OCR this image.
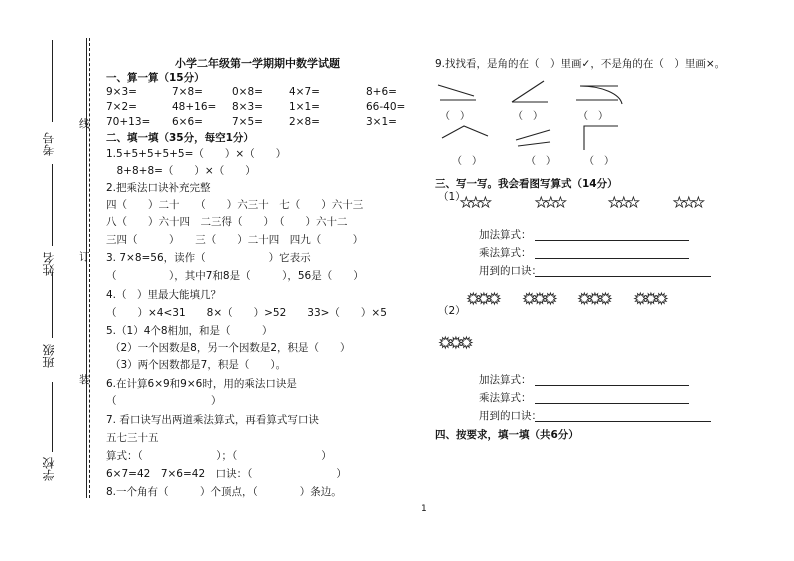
考号
姓名
班级
学校
线
订
装
小学二年级第一学期期中数学试题
一、算一算（15分）
9×3=	7×8=	0×8= 4×7=	8+6=
7×2=	48+16= 8×3= 1×1=	66-40=
70+13= 6×6=	7×5= 2×8=	3×1=
二、填一填（35分，每空1分）
1.5+5+5+5+5=（　　）×（　　）
　8+8+8=（　　）×（　　）
2.把乘法口诀补充完整
四（　　）二十　　（　　）六三十　七（　　）六十三
八（　　）六十四　二三得（　　）　（　　）六十二
三四（　　　）　　三（　　）二十四　四九（　　　）
3. 7×8=56，读作（　　　　　　）它表示
（　　　　　），其中7和8是（　　　），56是（　　）
4.（　）里最大能填几？
（　　）×4<31　　8×（　　）>52　　33>（　　）×5
5.（1）4个8相加，和是（　　　）
（2）一个因数是8，另一个因数是2，积是（　　）
（3）两个因数都是7，积是（　　）。
6.在计算6×9和9×6时，用的乘法口诀是
（　　　　　　　　　）
7. 看口诀写出两道乘法算式，再看算式写口诀
五七三十五
算式：（　　　　　　　）；（　　　　　　　　）
6×7=42　7×6=42　口诀：（　　　　　　　　）
8.一个角有（　　　）个顶点，（　　　　）条边。
9.找找看，是角的在（　）里画✓，不是角的在（　）里画×。
（　）	（　）	（　）
（　）	（　）	（　）
三、写一写。我会看图写算式（14分）
（1）
★★★	★★★	★★★	★★★
加法算式：
乘法算式：
用到的口诀：
✹✹✹ ✹✹✹ ✹✹✹ ✹✹✹
（2）
✹✹✹
加法算式：
乘法算式：
用到的口诀：
四、按要求，填一填（共6分）
1
